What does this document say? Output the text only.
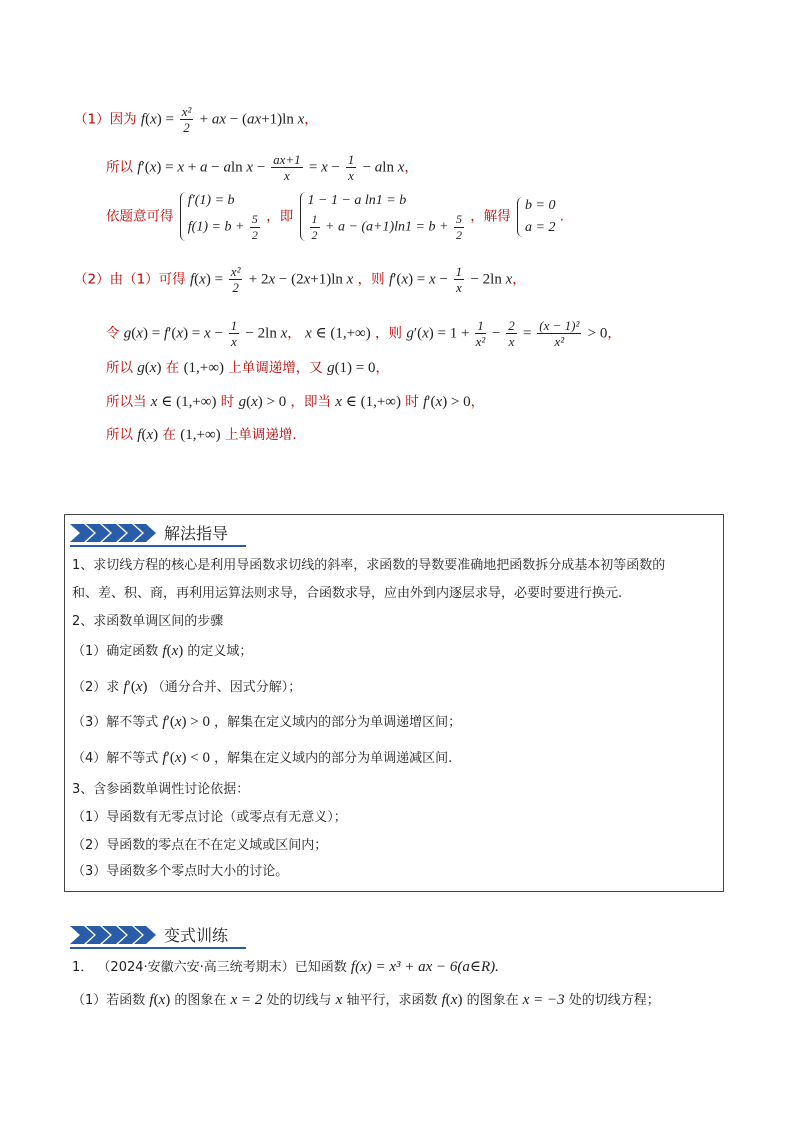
（1）因为 $f(x) = \frac{\text{x²}}{2}$ + ax − (ax+1)ln x，
所以 f′(x) = x + a − aln $x - \frac{ax+1}{x} = x - \frac{1}{x} - aln$ x，
依题意可得
f′(1) = b
$f(1) = b + \frac{5}{2}$ ，即
1 − 1 − a ln1 = b
$\frac{1}{2} + a - (a+1)\ln 1 = b + \frac{5}{2}$ ，解得
b = 0
a = 2
.
（2）由（1）可得 $f(x) = \frac{\text{x²}}{2} + 2x - (2x+1)\ln$ x ，则 $f'(x) = x - \frac{1}{x} - 2\ln$ x，
令 $g(x) = f'(x) = x - \frac{1}{x} - 2\ln$ x， x ∈ (1,+∞) ，则 $g'(x) = 1 + \frac{1}{\text{x²}} - \frac{2}{x} = \frac{\text{(x − 1)²}}{\text{x²}} > 0$，
所以 g(x) 在 (1,+∞) 上单调递增，又 g(1) = 0，
所以当 x ∈ (1,+∞) 时 g(x) > 0 ，即当 x ∈ (1,+∞) 时 f′(x) > 0，
所以 f(x) 在 (1,+∞) 上单调递增.
解法指导
1、求切线方程的核心是利用导函数求切线的斜率，求函数的导数要准确地把函数拆分成基本初等函数的
和、差、积、商，再利用运算法则求导，合函数求导，应由外到内逐层求导，必要时要进行换元.
2、求函数单调区间的步骤
（1）确定函数 f(x) 的定义域；
（2）求 f′(x) （通分合并、因式分解）；
（3）解不等式 f′(x) > 0 ，解集在定义域内的部分为单调递增区间；
（4）解不等式 f′(x) < 0 ，解集在定义域内的部分为单调递减区间.
3、含参函数单调性讨论依据：
（1）导函数有无零点讨论（或零点有无意义）；
（2）导函数的零点在不在定义域或区间内；
（3）导函数多个零点时大小的讨论。
变式训练
1． （2024·安徽六安·高三统考期末）已知函数 f(x) = x³ + ax − 6(a∈R).
（1）若函数 f(x) 的图象在 x = 2 处的切线与 x 轴平行，求函数 f(x) 的图象在 x = −3 处的切线方程；
